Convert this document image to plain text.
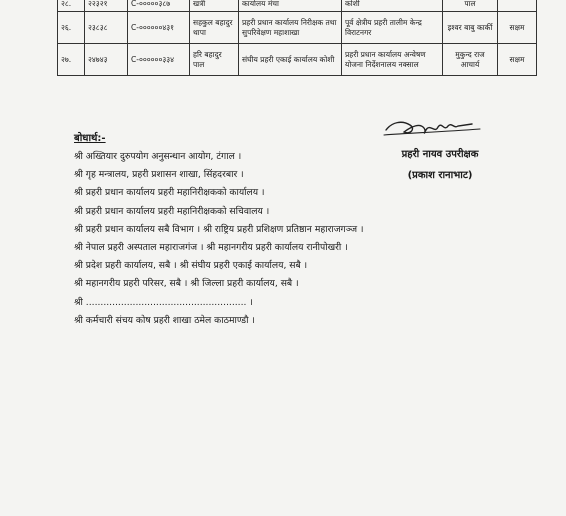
२८.	२२३२१	C-०००००३८७	खत्री	कार्यालय मंचा	कोशी	पाल	
२६.	२३८३८	C-००००००४३१	सहकुल बहादुर थापा	प्रहरी प्रधान कार्यालय निरीक्षक तथा सुपरिवेक्षण महाशाखा	पूर्व क्षेत्रीय प्रहरी तालीम केन्द्र विराटनगर	इश्वर बाबु कार्की	सक्षम
२७.	२४७४३	C-००००००३३४	हरि बहादुर पाल	संघीय प्रहरी एकाई कार्यालय कोशी	प्रहरी प्रधान कार्यालय अन्वेषण योजना निर्देशनालय नक्साल	मुकुन्द राज आचार्य	सक्षम
प्रहरी नायव उपरीक्षक
(प्रकाश रानाभाट)
बोधार्थ:-
श्री अख्तियार दुरुपयोग अनुसन्धान आयोग, टंगाल ।
श्री गृह मन्त्रालय, प्रहरी प्रशासन शाखा, सिंहदरबार ।
श्री प्रहरी प्रधान कार्यालय प्रहरी महानिरीक्षकको कार्यालय ।
श्री प्रहरी प्रधान कार्यालय प्रहरी महानिरीक्षकको सचिवालय ।
श्री प्रहरी प्रधान कार्यालय सबै विभाग । श्री राष्ट्रिय प्रहरी प्रशिक्षण प्रतिष्ठान महाराजगञ्ज ।
श्री नेपाल प्रहरी अस्पताल महाराजगंज । श्री महानगरीय प्रहरी कार्यालय रानीपोखरी ।
श्री प्रदेश प्रहरी कार्यालय, सबै । श्री संघीय प्रहरी एकाई कार्यालय, सबै ।
श्री महानगरीय प्रहरी परिसर, सबै । श्री जिल्ला प्रहरी कार्यालय, सबै ।
श्री ....................................................... ।
श्री कर्मचारी संचय कोष प्रहरी शाखा ठमेल काठमाण्डौ ।
